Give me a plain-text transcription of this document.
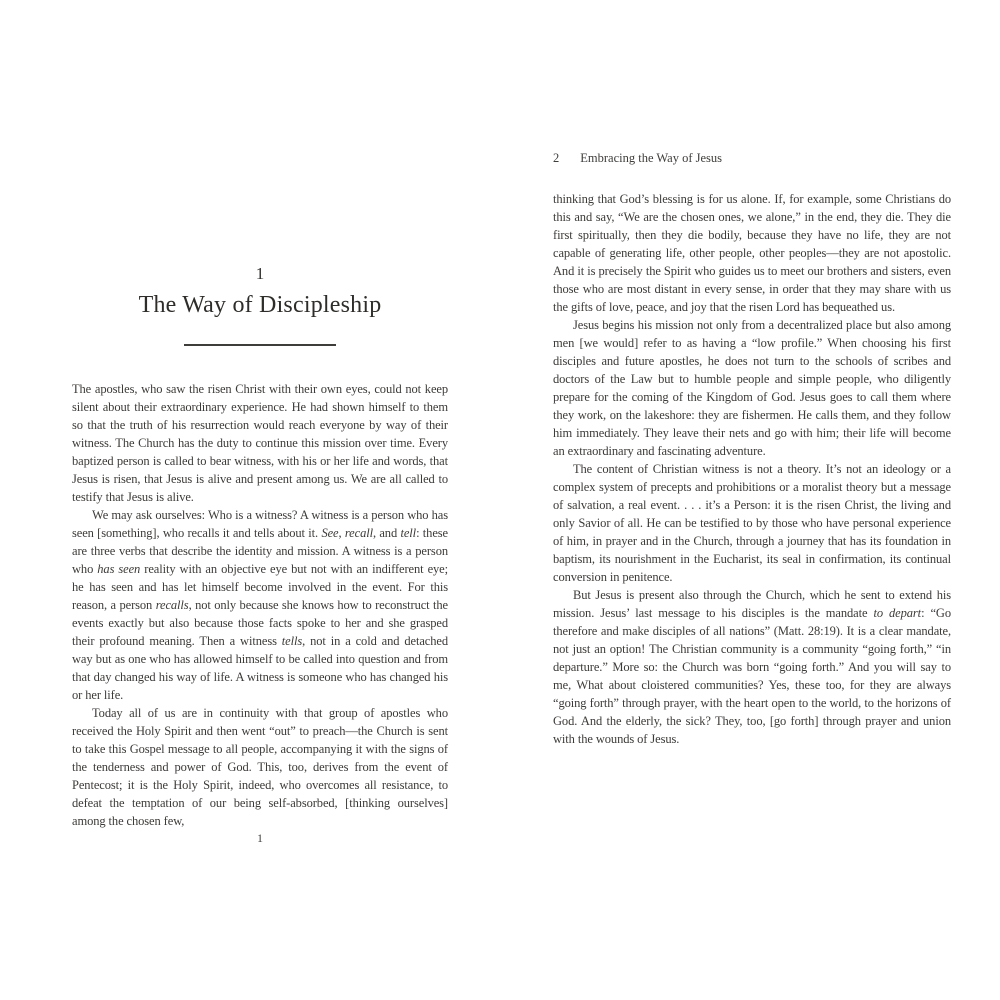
1
The Way of Discipleship

The apostles, who saw the risen Christ with their own eyes, could not keep silent about their extraordinary experience. He had shown himself to them so that the truth of his resurrection would reach everyone by way of their witness. The Church has the duty to continue this mission over time. Every baptized person is called to bear witness, with his or her life and words, that Jesus is risen, that Jesus is alive and present among us. We are all called to testify that Jesus is alive.

We may ask ourselves: Who is a witness? A witness is a person who has seen [something], who recalls it and tells about it. See, recall, and tell: these are three verbs that describe the identity and mission. A witness is a person who has seen reality with an objective eye but not with an indifferent eye; he has seen and has let himself become involved in the event. For this reason, a person recalls, not only because she knows how to reconstruct the events exactly but also because those facts spoke to her and she grasped their profound meaning. Then a witness tells, not in a cold and detached way but as one who has allowed himself to be called into question and from that day changed his way of life. A witness is someone who has changed his or her life.

Today all of us are in continuity with that group of apostles who received the Holy Spirit and then went “out” to preach—the Church is sent to take this Gospel message to all people, accompanying it with the signs of the tenderness and power of God. This, too, derives from the event of Pentecost; it is the Holy Spirit, indeed, who overcomes all resistance, to defeat the temptation of our being self-absorbed, [thinking ourselves] among the chosen few,

1
2 Embracing the Way of Jesus

thinking that God’s blessing is for us alone. If, for example, some Christians do this and say, “We are the chosen ones, we alone,” in the end, they die. They die first spiritually, then they die bodily, because they have no life, they are not capable of generating life, other people, other peoples—they are not apostolic. And it is precisely the Spirit who guides us to meet our brothers and sisters, even those who are most distant in every sense, in order that they may share with us the gifts of love, peace, and joy that the risen Lord has bequeathed us.

Jesus begins his mission not only from a decentralized place but also among men [we would] refer to as having a “low profile.” When choosing his first disciples and future apostles, he does not turn to the schools of scribes and doctors of the Law but to humble people and simple people, who diligently prepare for the coming of the Kingdom of God. Jesus goes to call them where they work, on the lakeshore: they are fishermen. He calls them, and they follow him immediately. They leave their nets and go with him; their life will become an extraordinary and fascinating adventure.

The content of Christian witness is not a theory. It’s not an ideology or a complex system of precepts and prohibitions or a moralist theory but a message of salvation, a real event. . . . it’s a Person: it is the risen Christ, the living and only Savior of all. He can be testified to by those who have personal experience of him, in prayer and in the Church, through a journey that has its foundation in baptism, its nourishment in the Eucharist, its seal in confirmation, its continual conversion in penitence.

But Jesus is present also through the Church, which he sent to extend his mission. Jesus’ last message to his disciples is the mandate to depart: “Go therefore and make disciples of all nations” (Matt. 28:19). It is a clear mandate, not just an option! The Christian community is a community “going forth,” “in departure.” More so: the Church was born “going forth.” And you will say to me, What about cloistered communities? Yes, these too, for they are always “going forth” through prayer, with the heart open to the world, to the horizons of God. And the elderly, the sick? They, too, [go forth] through prayer and union with the wounds of Jesus.
